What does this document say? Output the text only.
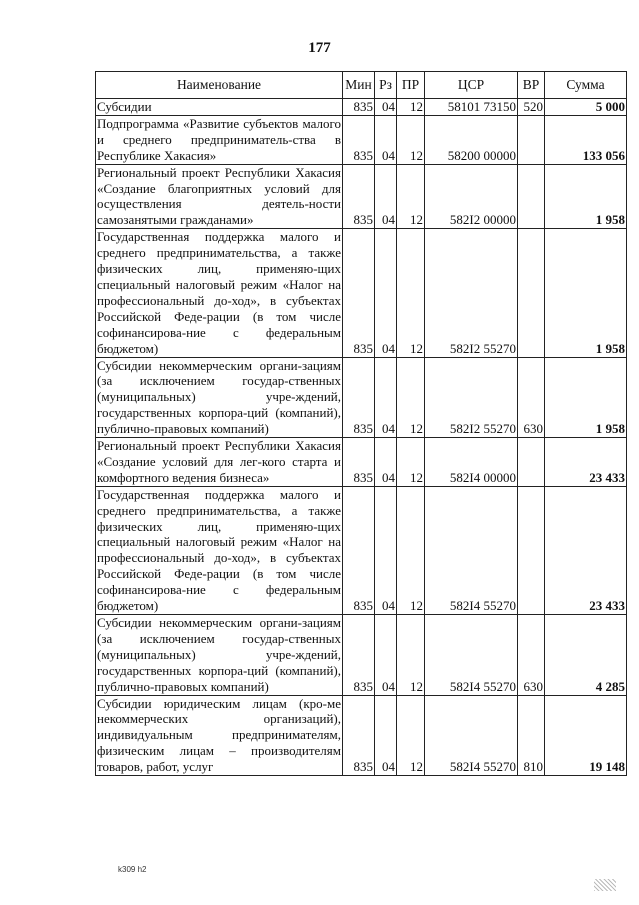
177
Наименование	Мин	Рз	ПР	ЦСР	ВР	Сумма
Субсидии	835	04	12	58101 73150	520	5 000
Подпрограмма «Развитие субъектов малого и среднего предприниматель-ства в Республике Хакасия»	835	04	12	58200 00000		133 056
Региональный проект Республики Хакасия «Создание благоприятных условий для осуществления деятель-ности самозанятыми гражданами»	835	04	12	582I2 00000		1 958
Государственная поддержка малого и среднего предпринимательства, а также физических лиц, применяю-щих специальный налоговый режим «Налог на профессиональный до-ход», в субъектах Российской Феде-рации (в том числе софинансирова-ние с федеральным бюджетом)	835	04	12	582I2 55270		1 958
Субсидии некоммерческим органи-зациям (за исключением государ-ственных (муниципальных) учре-ждений, государственных корпора-ций (компаний), публично-правовых компаний)	835	04	12	582I2 55270	630	1 958
Региональный проект Республики Хакасия «Создание условий для лег-кого старта и комфортного ведения бизнеса»	835	04	12	582I4 00000		23 433
Государственная поддержка малого и среднего предпринимательства, а также физических лиц, применяю-щих специальный налоговый режим «Налог на профессиональный до-ход», в субъектах Российской Феде-рации (в том числе софинансирова-ние с федеральным бюджетом)	835	04	12	582I4 55270		23 433
Субсидии некоммерческим органи-зациям (за исключением государ-ственных (муниципальных) учре-ждений, государственных корпора-ций (компаний), публично-правовых компаний)	835	04	12	582I4 55270	630	4 285
Субсидии юридическим лицам (кро-ме некоммерческих организаций), индивидуальным предпринимателям, физическим лицам – производителям товаров, работ, услуг	835	04	12	582I4 55270	810	19 148
k309 h2
